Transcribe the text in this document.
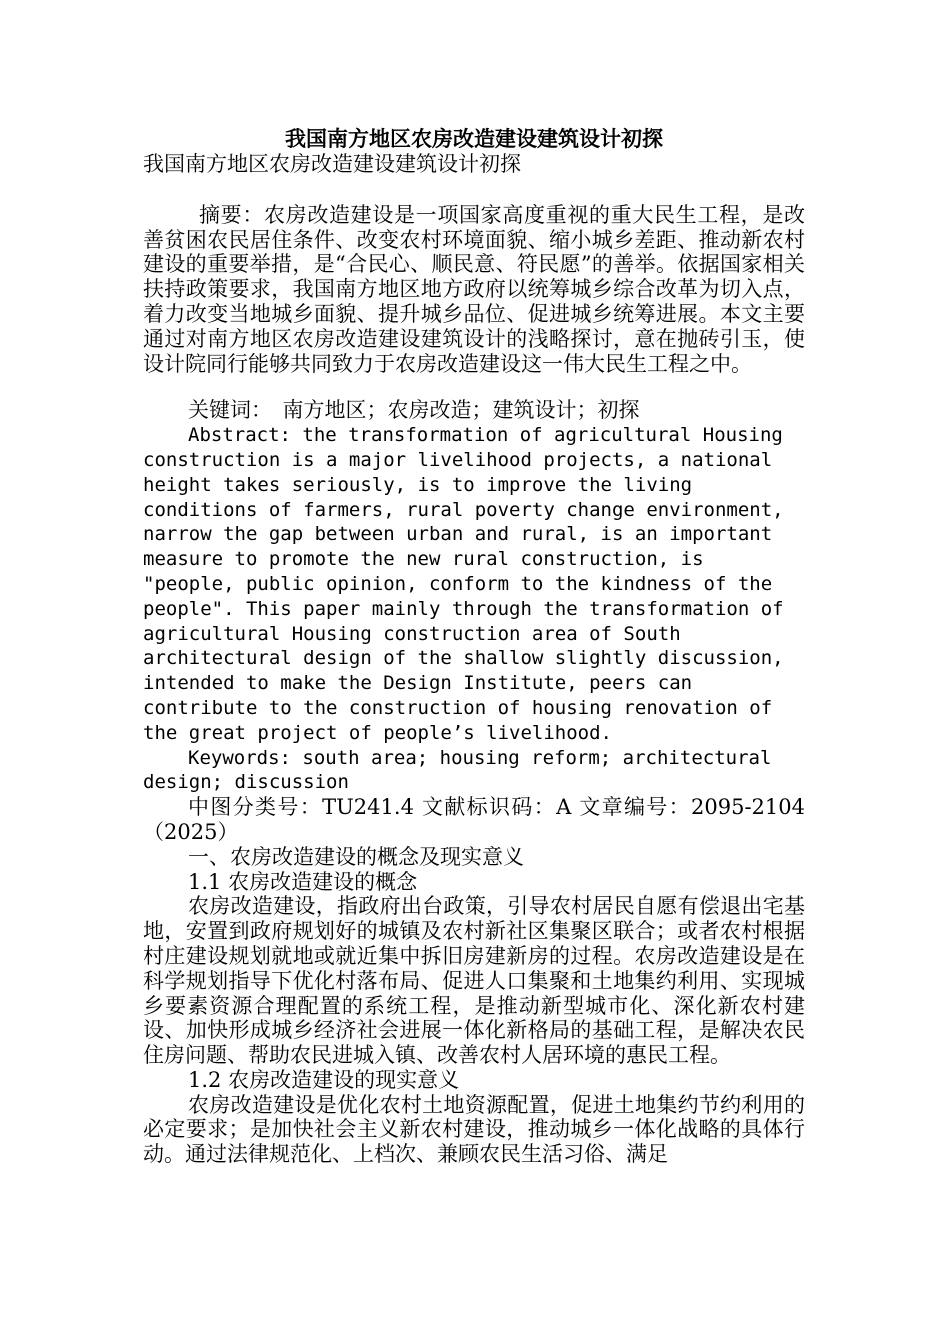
我国南方地区农房改造建设建筑设计初探

我国南方地区农房改造建设建筑设计初探

摘要：农房改造建设是一项国家高度重视的重大民生工程，是改善贫困农民居住条件、改变农村环境面貌、缩小城乡差距、推动新农村建设的重要举措，是“合民心、顺民意、符民愿”的善举。依据国家相关扶持政策要求，我国南方地区地方政府以统筹城乡综合改革为切入点，着力改变当地城乡面貌、提升城乡品位、促进城乡统筹进展。本文主要通过对南方地区农房改造建设建筑设计的浅略探讨，意在抛砖引玉，使设计院同行能够共同致力于农房改造建设这一伟大民生工程之中。

关键词：　南方地区；农房改造；建筑设计；初探

Abstract: the transformation of agricultural Housing construction is a major livelihood projects, a national height takes seriously, is to improve the living conditions of farmers, rural poverty change environment, narrow the gap between urban and rural, is an important measure to promote the new rural construction, is "people, public opinion, conform to the kindness of the people". This paper mainly through the transformation of agricultural Housing construction area of South architectural design of the shallow slightly discussion, intended to make the Design Institute, peers can contribute to the construction of housing renovation of the great project of people’s livelihood.

Keywords: south area; housing reform; architectural design; discussion

中图分类号：TU241.4 文献标识码：A 文章编号：2095-2104（2025）

一、农房改造建设的概念及现实意义

1.1 农房改造建设的概念

农房改造建设，指政府出台政策，引导农村居民自愿有偿退出宅基地，安置到政府规划好的城镇及农村新社区集聚区联合；或者农村根据村庄建设规划就地或就近集中拆旧房建新房的过程。农房改造建设是在科学规划指导下优化村落布局、促进人口集聚和土地集约利用、实现城乡要素资源合理配置的系统工程，是推动新型城市化、深化新农村建设、加快形成城乡经济社会进展一体化新格局的基础工程，是解决农民住房问题、帮助农民进城入镇、改善农村人居环境的惠民工程。

1.2 农房改造建设的现实意义

农房改造建设是优化农村土地资源配置，促进土地集约节约利用的必定要求；是加快社会主义新农村建设，推动城乡一体化战略的具体行动。通过法律规范化、上档次、兼顾农民生活习俗、满足
